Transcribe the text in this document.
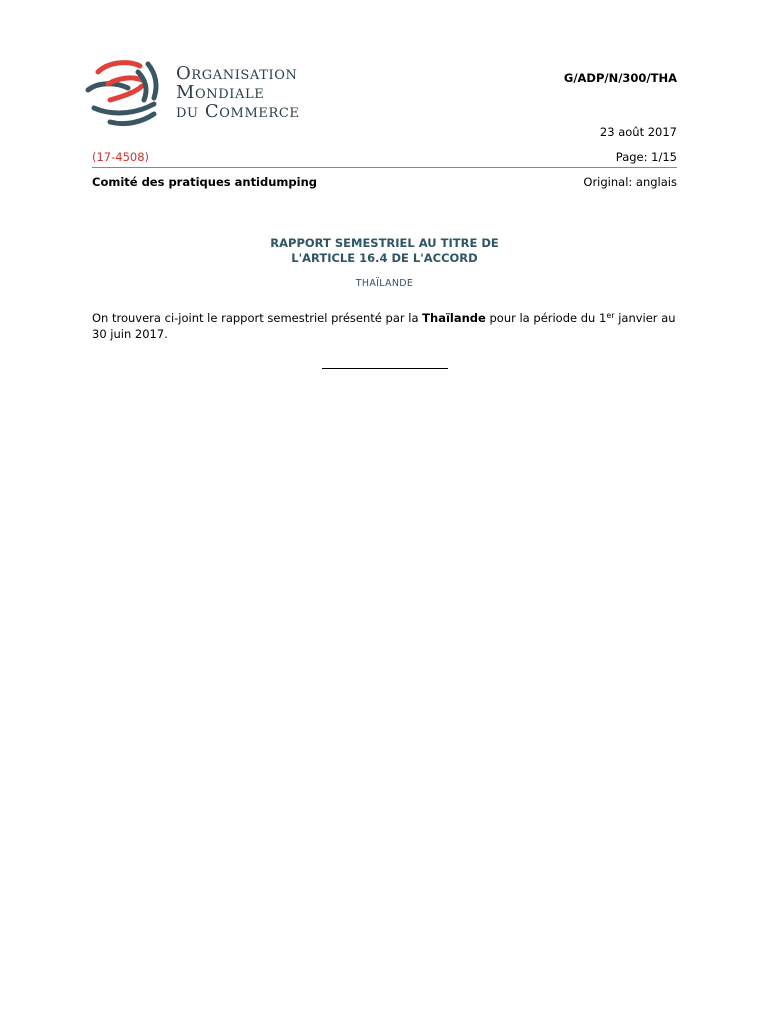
Organisation
Mondiale
du Commerce
G/ADP/N/300/THA
23 août 2017
(17-4508)	Page: 1/15
Comité des pratiques antidumping	Original: anglais
RAPPORT SEMESTRIEL AU TITRE DE
L'ARTICLE 16.4 DE L'ACCORD
THAÏLANDE
On trouvera ci-joint le rapport semestriel présenté par la Thaïlande pour la période du 1er janvier au 30 juin 2017.
